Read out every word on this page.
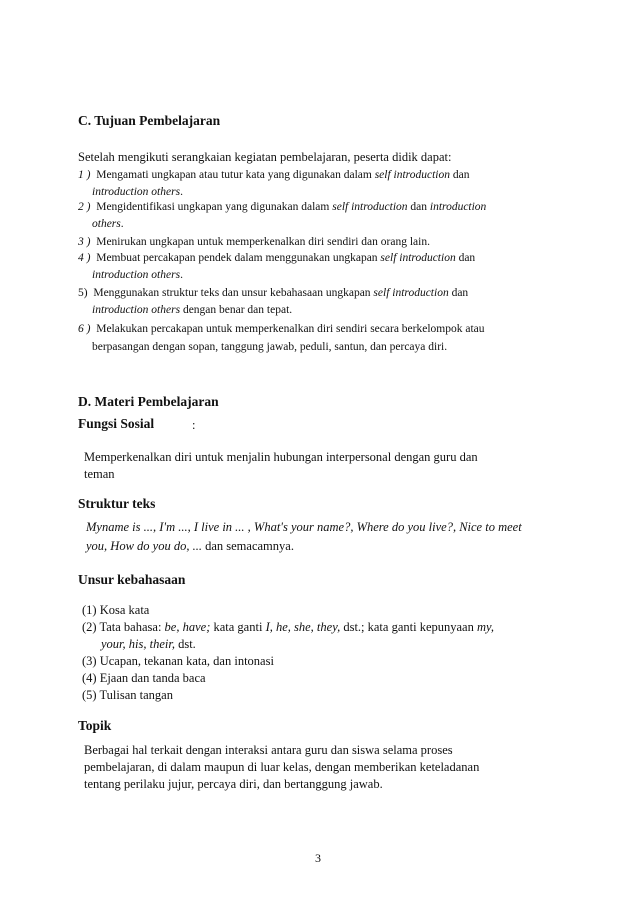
C. Tujuan Pembelajaran
Setelah mengikuti serangkaian kegiatan pembelajaran, peserta didik dapat:
1 ) Mengamati ungkapan atau tutur kata yang digunakan dalam self introduction dan
introduction others.
2 ) Mengidentifikasi ungkapan yang digunakan dalam self introduction dan introduction
others.
3 ) Menirukan ungkapan untuk memperkenalkan diri sendiri dan orang lain.
4 ) Membuat percakapan pendek dalam menggunakan ungkapan self introduction dan
introduction others.
5) Menggunakan struktur teks dan unsur kebahasaan ungkapan self introduction dan
introduction others dengan benar dan tepat.
6 ) Melakukan percakapan untuk memperkenalkan diri sendiri secara berkelompok atau
berpasangan dengan sopan, tanggung jawab, peduli, santun, dan percaya diri.
D. Materi Pembelajaran
Fungsi Sosial	:
Memperkenalkan diri untuk menjalin hubungan interpersonal dengan guru dan
teman
Struktur teks
Myname is ..., I'm ..., I live in ... , What's your name?, Where do you live?, Nice to meet
you, How do you do, ... dan semacamnya.
Unsur kebahasaan
(1) Kosa kata
(2) Tata bahasa: be, have; kata ganti I, he, she, they, dst.; kata ganti kepunyaan my,
your, his, their, dst.
(3) Ucapan, tekanan kata, dan intonasi
(4) Ejaan dan tanda baca
(5) Tulisan tangan
Topik
Berbagai hal terkait dengan interaksi antara guru dan siswa selama proses
pembelajaran, di dalam maupun di luar kelas, dengan memberikan keteladanan
tentang perilaku jujur, percaya diri, dan bertanggung jawab.
3
